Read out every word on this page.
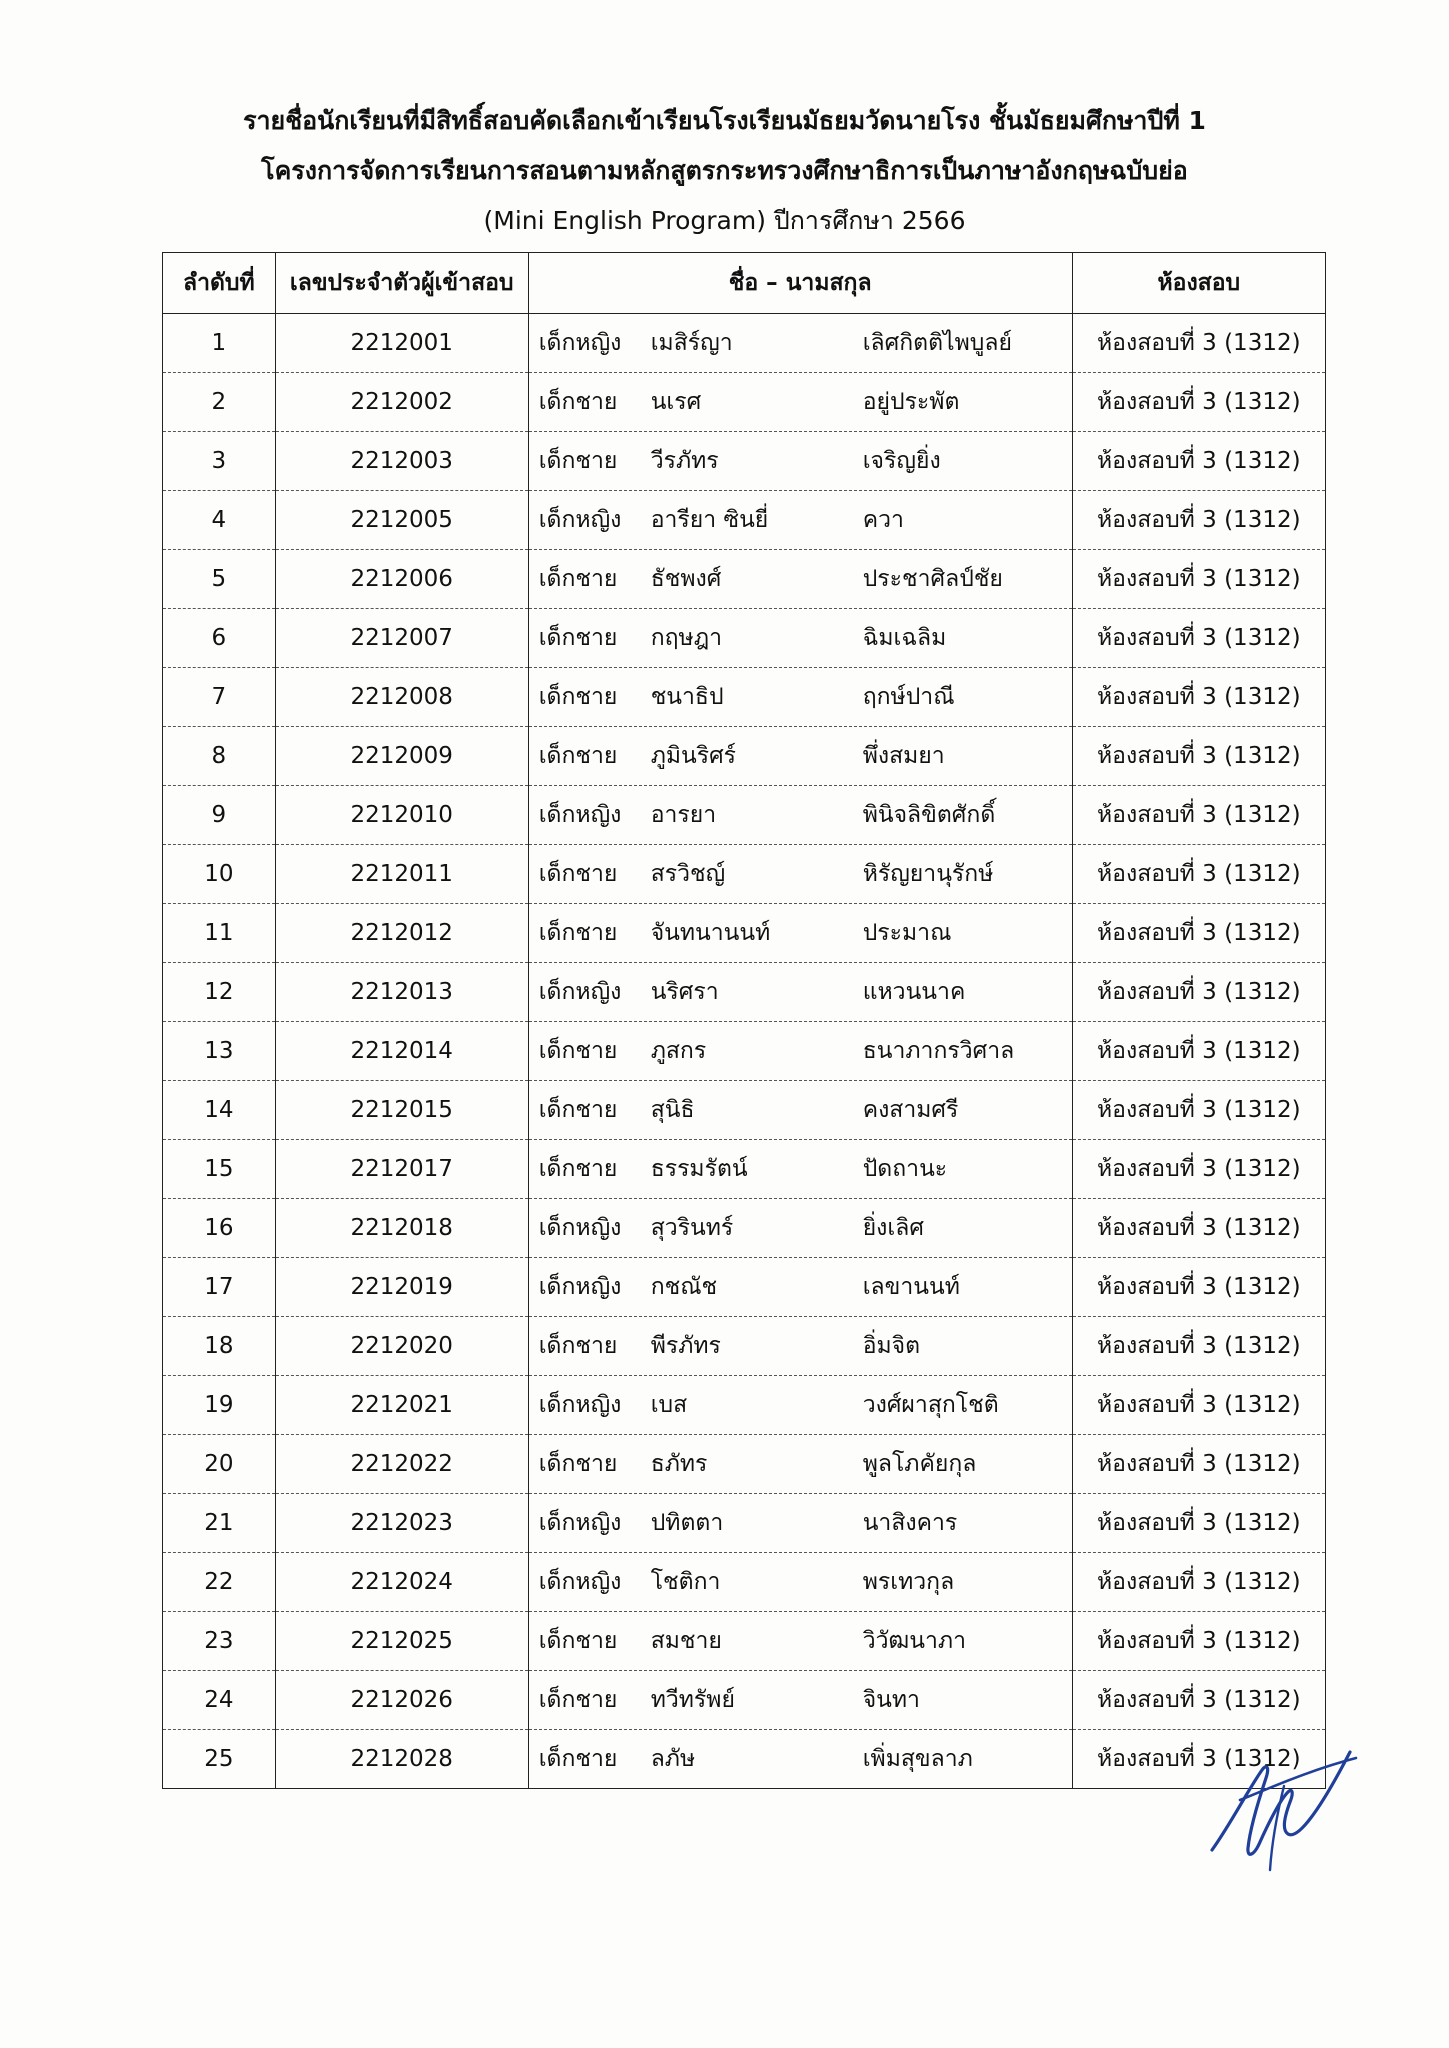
รายชื่อนักเรียนที่มีสิทธิ์สอบคัดเลือกเข้าเรียนโรงเรียนมัธยมวัดนายโรง ชั้นมัธยมศึกษาปีที่ 1
โครงการจัดการเรียนการสอนตามหลักสูตรกระทรวงศึกษาธิการเป็นภาษาอังกฤษฉบับย่อ
(Mini English Program) ปีการศึกษา 2566
ลำดับที่	เลขประจำตัวผู้เข้าสอบ	ชื่อ – นามสกุล	ห้องสอบ
1	2212001	เด็กหญิง เมสิร์ญา เลิศกิตติไพบูลย์	ห้องสอบที่ 3 (1312)
2	2212002	เด็กชาย นเรศ อยู่ประพัต	ห้องสอบที่ 3 (1312)
3	2212003	เด็กชาย วีรภัทร เจริญยิ่ง	ห้องสอบที่ 3 (1312)
4	2212005	เด็กหญิง อารียา ซินยี่ ควา	ห้องสอบที่ 3 (1312)
5	2212006	เด็กชาย ธัชพงศ์ ประชาศิลป์ชัย	ห้องสอบที่ 3 (1312)
6	2212007	เด็กชาย กฤษฎา ฉิมเฉลิม	ห้องสอบที่ 3 (1312)
7	2212008	เด็กชาย ชนาธิป ฤกษ์ปาณี	ห้องสอบที่ 3 (1312)
8	2212009	เด็กชาย ภูมินริศร์ พึ่งสมยา	ห้องสอบที่ 3 (1312)
9	2212010	เด็กหญิง อารยา พินิจลิขิตศักดิ์	ห้องสอบที่ 3 (1312)
10	2212011	เด็กชาย สรวิชญ์ หิรัญยานุรักษ์	ห้องสอบที่ 3 (1312)
11	2212012	เด็กชาย จันทนานนท์ ประมาณ	ห้องสอบที่ 3 (1312)
12	2212013	เด็กหญิง นริศรา แหวนนาค	ห้องสอบที่ 3 (1312)
13	2212014	เด็กชาย ภูสกร ธนาภากรวิศาล	ห้องสอบที่ 3 (1312)
14	2212015	เด็กชาย สุนิธิ คงสามศรี	ห้องสอบที่ 3 (1312)
15	2212017	เด็กชาย ธรรมรัตน์ ปัดถานะ	ห้องสอบที่ 3 (1312)
16	2212018	เด็กหญิง สุวรินทร์ ยิ่งเลิศ	ห้องสอบที่ 3 (1312)
17	2212019	เด็กหญิง กชณัช เลขานนท์	ห้องสอบที่ 3 (1312)
18	2212020	เด็กชาย พีรภัทร อิ่มจิต	ห้องสอบที่ 3 (1312)
19	2212021	เด็กหญิง เบส วงศ์ผาสุกโชติ	ห้องสอบที่ 3 (1312)
20	2212022	เด็กชาย ธภัทร พูลโภคัยกุล	ห้องสอบที่ 3 (1312)
21	2212023	เด็กหญิง ปทิตตา นาสิงคาร	ห้องสอบที่ 3 (1312)
22	2212024	เด็กหญิง โชติกา พรเทวกุล	ห้องสอบที่ 3 (1312)
23	2212025	เด็กชาย สมชาย วิวัฒนาภา	ห้องสอบที่ 3 (1312)
24	2212026	เด็กชาย ทวีทรัพย์ จินทา	ห้องสอบที่ 3 (1312)
25	2212028	เด็กชาย ลภัษ เพิ่มสุขลาภ	ห้องสอบที่ 3 (1312)
